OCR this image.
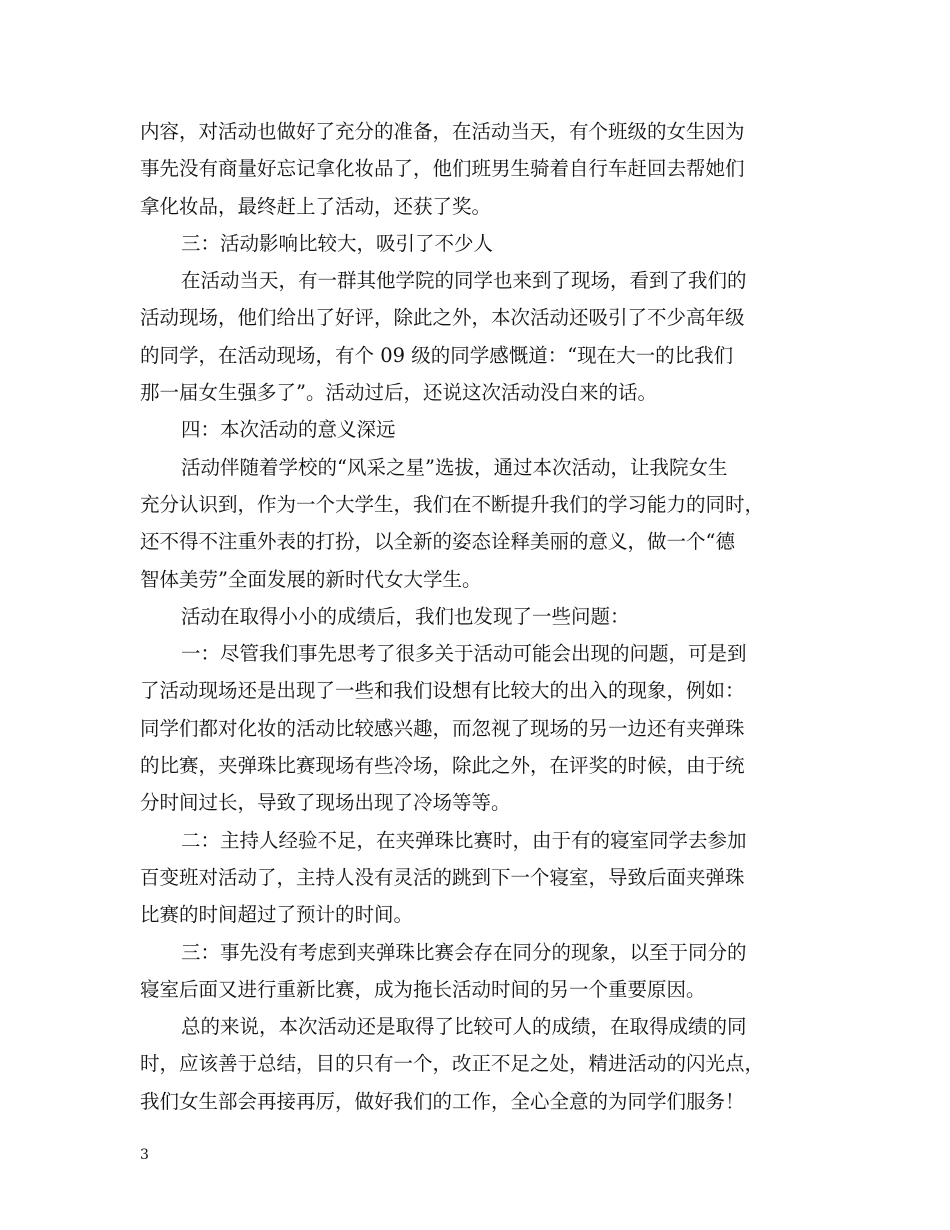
内容，对活动也做好了充分的准备，在活动当天，有个班级的女生因为
事先没有商量好忘记拿化妆品了，他们班男生骑着自行车赶回去帮她们
拿化妆品，最终赶上了活动，还获了奖。
三：活动影响比较大，吸引了不少人
在活动当天，有一群其他学院的同学也来到了现场，看到了我们的
活动现场，他们给出了好评，除此之外，本次活动还吸引了不少高年级
的同学，在活动现场，有个 09 级的同学感慨道：“现在大一的比我们
那一届女生强多了”。活动过后，还说这次活动没白来的话。
四：本次活动的意义深远
活动伴随着学校的“风采之星”选拔，通过本次活动，让我院女生
充分认识到，作为一个大学生，我们在不断提升我们的学习能力的同时，
还不得不注重外表的打扮，以全新的姿态诠释美丽的意义，做一个“德
智体美劳”全面发展的新时代女大学生。
活动在取得小小的成绩后，我们也发现了一些问题：
一：尽管我们事先思考了很多关于活动可能会出现的问题，可是到
了活动现场还是出现了一些和我们设想有比较大的出入的现象，例如：
同学们都对化妆的活动比较感兴趣，而忽视了现场的另一边还有夹弹珠
的比赛，夹弹珠比赛现场有些冷场，除此之外，在评奖的时候，由于统
分时间过长，导致了现场出现了冷场等等。
二：主持人经验不足，在夹弹珠比赛时，由于有的寝室同学去参加
百变班对活动了，主持人没有灵活的跳到下一个寝室，导致后面夹弹珠
比赛的时间超过了预计的时间。
三：事先没有考虑到夹弹珠比赛会存在同分的现象，以至于同分的
寝室后面又进行重新比赛，成为拖长活动时间的另一个重要原因。
总的来说，本次活动还是取得了比较可人的成绩，在取得成绩的同
时，应该善于总结，目的只有一个，改正不足之处，精进活动的闪光点，
我们女生部会再接再厉，做好我们的工作，全心全意的为同学们服务！
3
